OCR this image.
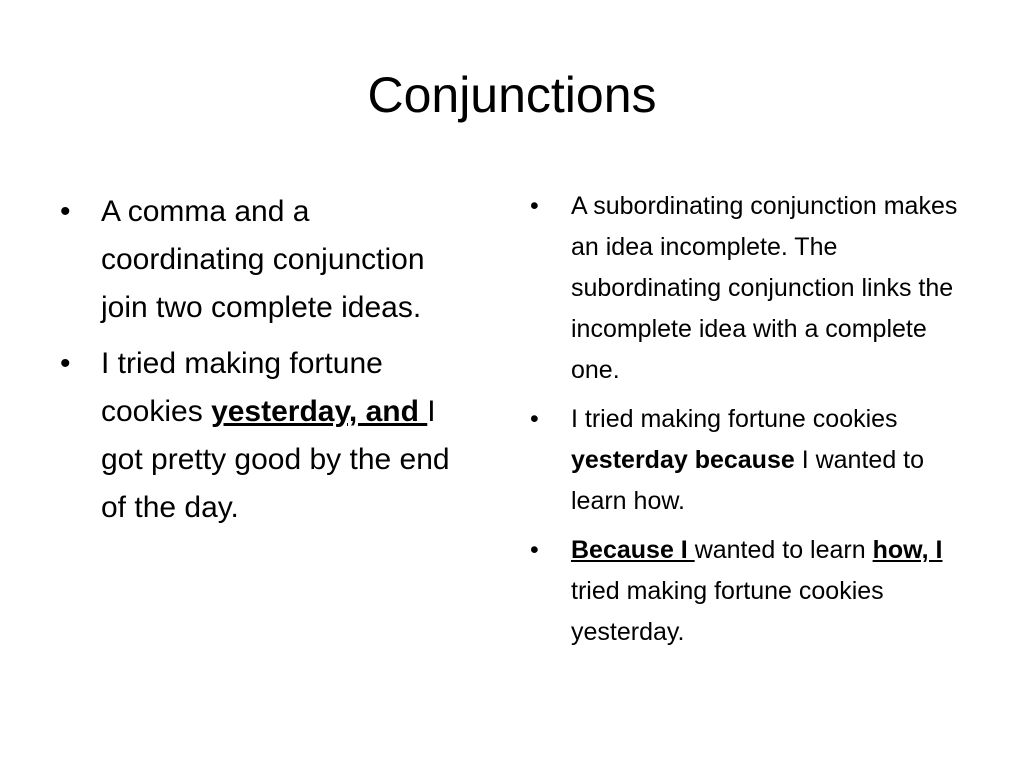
Conjunctions
• A comma and a coordinating conjunction join two complete ideas.
• I tried making fortune cookies yesterday, and I got pretty good by the end of the day.
• A subordinating conjunction makes an idea incomplete. The subordinating conjunction links the incomplete idea with a complete one.
• I tried making fortune cookies yesterday because I wanted to learn how.
• Because I wanted to learn how, I tried making fortune cookies yesterday.
